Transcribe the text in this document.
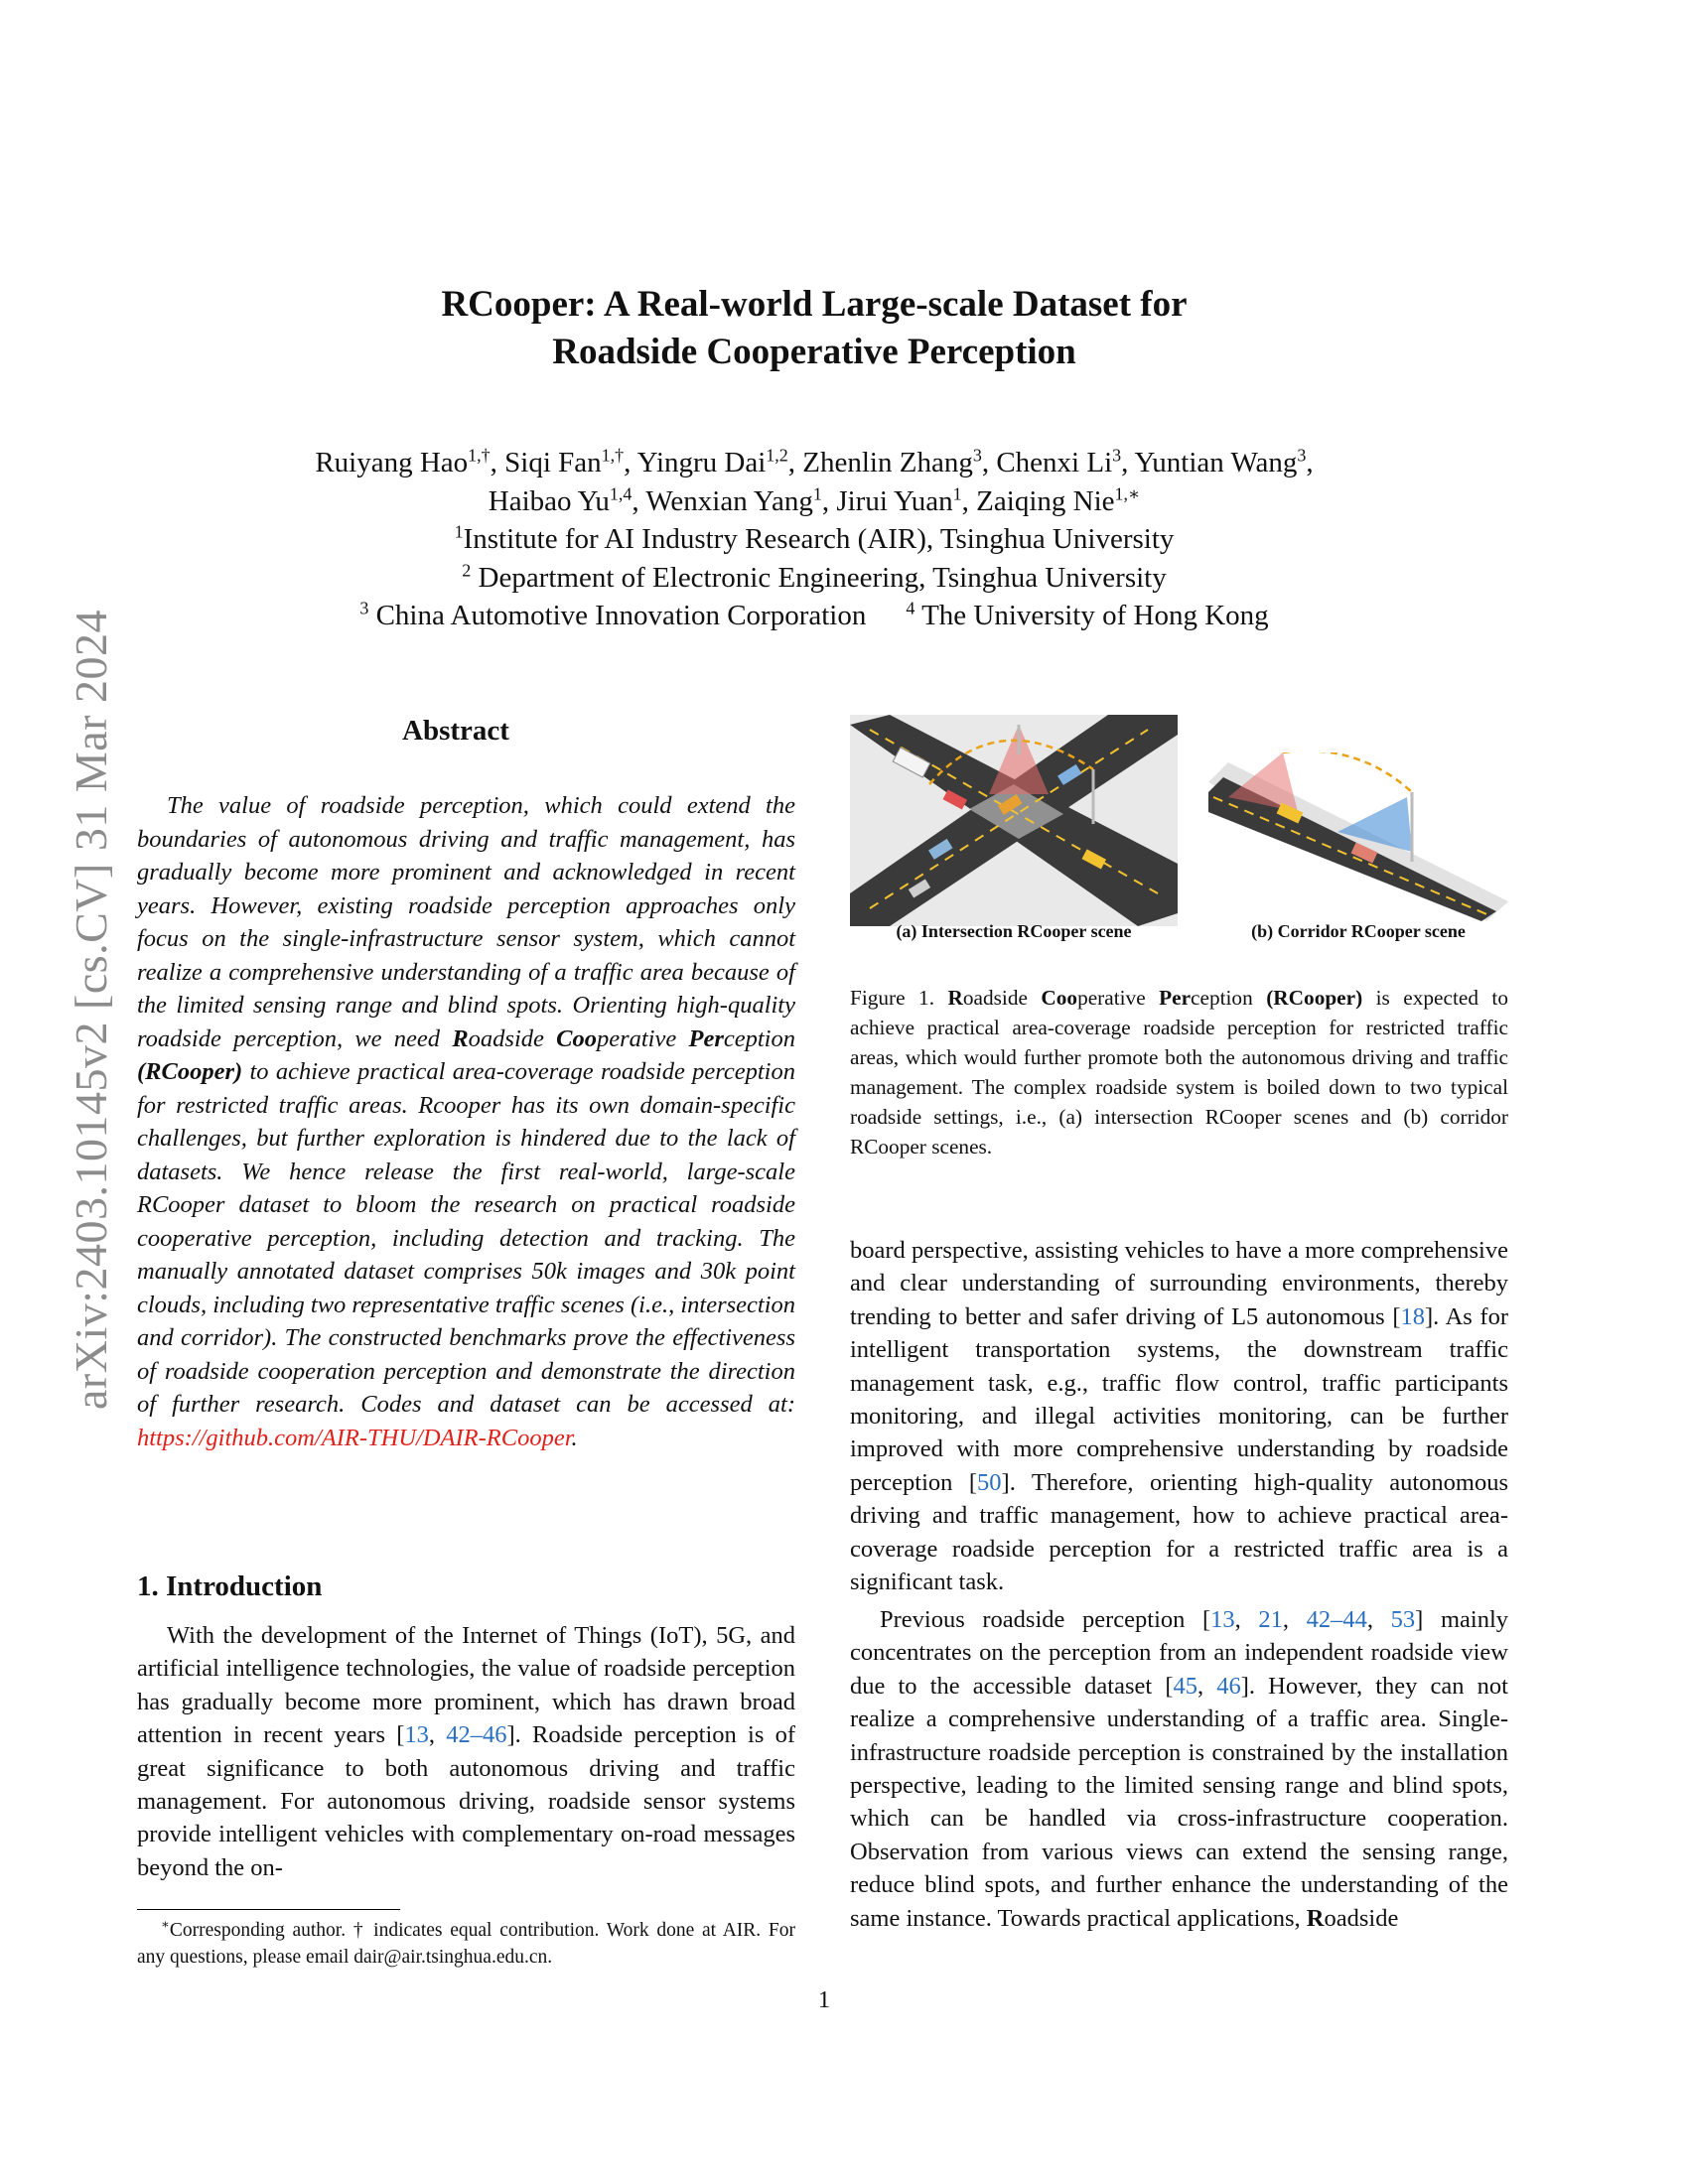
arXiv:2403.10145v2 [cs.CV] 31 Mar 2024
RCooper: A Real-world Large-scale Dataset for
Roadside Cooperative Perception
Ruiyang Hao$^{1,\dagger}$, Siqi Fan$^{1,\dagger}$, Yingru Dai$^{1,2}$, Zhenlin Zhang$^3$, Chenxi Li$^3$, Yuntian Wang$^3$,
Haibao Yu$^{1,4}$, Wenxian Yang$^1$, Jirui Yuan$^1$, Zaiqing Nie$^{1,∗}$
$^1$Institute for AI Industry Research (AIR), Tsinghua University
$^2$ Department of Electronic Engineering, Tsinghua University
$^3$ China Automotive Innovation Corporation $^4$ The University of Hong Kong
Abstract
The value of roadside perception, which could extend the boundaries of autonomous driving and traffic management, has gradually become more prominent and acknowledged in recent years. However, existing roadside perception approaches only focus on the single-infrastructure sensor system, which cannot realize a comprehensive understanding of a traffic area because of the limited sensing range and blind spots. Orienting high-quality roadside perception, we need Roadside Cooperative Perception (RCooper) to achieve practical area-coverage roadside perception for restricted traffic areas. Rcooper has its own domain-specific challenges, but further exploration is hindered due to the lack of datasets. We hence release the first real-world, large-scale RCooper dataset to bloom the research on practical roadside cooperative perception, including detection and tracking. The manually annotated dataset comprises 50k images and 30k point clouds, including two representative traffic scenes (i.e., intersection and corridor). The constructed benchmarks prove the effectiveness of roadside cooperation perception and demonstrate the direction of further research. Codes and dataset can be accessed at: https://github.com/AIR-THU/DAIR-RCooper.
1. Introduction
With the development of the Internet of Things (IoT), 5G, and artificial intelligence technologies, the value of roadside perception has gradually become more prominent, which has drawn broad attention in recent years [13, 42–46]. Roadside perception is of great significance to both autonomous driving and traffic management. For autonomous driving, roadside sensor systems provide intelligent vehicles with complementary on-road messages beyond the on-
∗Corresponding author. † indicates equal contribution. Work done at AIR. For any questions, please email dair@air.tsinghua.edu.cn.
(a) Intersection RCooper scene	(b) Corridor RCooper scene
Figure 1. Roadside Cooperative Perception (RCooper) is expected to achieve practical area-coverage roadside perception for restricted traffic areas, which would further promote both the autonomous driving and traffic management. The complex roadside system is boiled down to two typical roadside settings, i.e., (a) intersection RCooper scenes and (b) corridor RCooper scenes.
board perspective, assisting vehicles to have a more comprehensive and clear understanding of surrounding environments, thereby trending to better and safer driving of L5 autonomous [18]. As for intelligent transportation systems, the downstream traffic management task, e.g., traffic flow control, traffic participants monitoring, and illegal activities monitoring, can be further improved with more comprehensive understanding by roadside perception [50]. Therefore, orienting high-quality autonomous driving and traffic management, how to achieve practical area-coverage roadside perception for a restricted traffic area is a significant task.
Previous roadside perception [13, 21, 42–44, 53] mainly concentrates on the perception from an independent roadside view due to the accessible dataset [45, 46]. However, they can not realize a comprehensive understanding of a traffic area. Single-infrastructure roadside perception is constrained by the installation perspective, leading to the limited sensing range and blind spots, which can be handled via cross-infrastructure cooperation. Observation from various views can extend the sensing range, reduce blind spots, and further enhance the understanding of the same instance. Towards practical applications, Roadside
1
